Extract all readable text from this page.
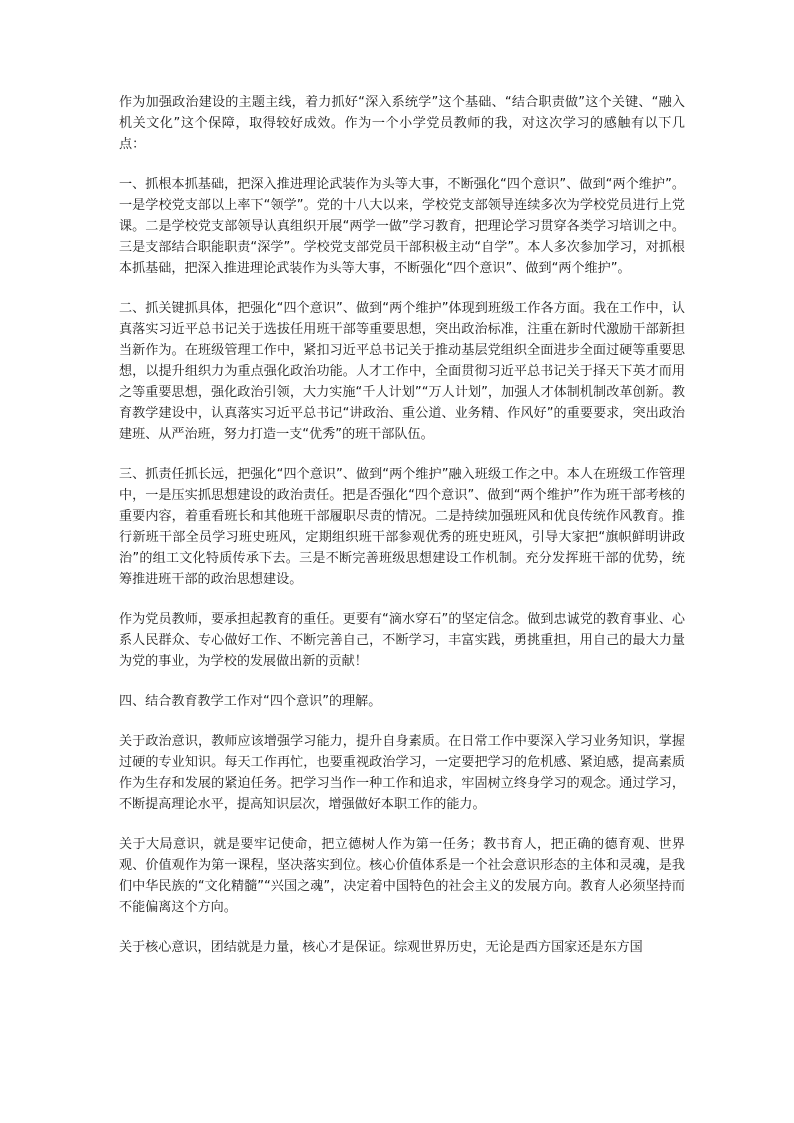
作为加强政治建设的主题主线，着力抓好“深入系统学”这个基础、“结合职责做”这个关键、“融入机关文化”这个保障，取得较好成效。作为一个小学党员教师的我，对这次学习的感触有以下几点：

一、抓根本抓基础，把深入推进理论武装作为头等大事，不断强化“四个意识”、做到“两个维护”。一是学校党支部以上率下“领学”。党的十八大以来，学校党支部领导连续多次为学校党员进行上党课。二是学校党支部领导认真组织开展“两学一做”学习教育，把理论学习贯穿各类学习培训之中。三是支部结合职能职责“深学”。学校党支部党员干部积极主动“自学”。本人多次参加学习，对抓根本抓基础，把深入推进理论武装作为头等大事，不断强化“四个意识”、做到“两个维护”。

二、抓关键抓具体，把强化“四个意识”、做到“两个维护”体现到班级工作各方面。我在工作中，认真落实习近平总书记关于选拔任用班干部等重要思想，突出政治标准，注重在新时代激励干部新担当新作为。在班级管理工作中，紧扣习近平总书记关于推动基层党组织全面进步全面过硬等重要思想，以提升组织力为重点强化政治功能。人才工作中，全面贯彻习近平总书记关于择天下英才而用之等重要思想，强化政治引领，大力实施“千人计划”“万人计划”，加强人才体制机制改革创新。教育教学建设中，认真落实习近平总书记“讲政治、重公道、业务精、作风好”的重要要求，突出政治建班、从严治班，努力打造一支“优秀”的班干部队伍。

三、抓责任抓长远，把强化“四个意识”、做到“两个维护”融入班级工作之中。本人在班级工作管理中，一是压实抓思想建设的政治责任。把是否强化“四个意识”、做到“两个维护”作为班干部考核的重要内容，着重看班长和其他班干部履职尽责的情况。二是持续加强班风和优良传统作风教育。推行新班干部全员学习班史班风，定期组织班干部参观优秀的班史班风，引导大家把“旗帜鲜明讲政治”的组工文化特质传承下去。三是不断完善班级思想建设工作机制。充分发挥班干部的优势，统筹推进班干部的政治思想建设。

作为党员教师，要承担起教育的重任。更要有“滴水穿石”的坚定信念。做到忠诚党的教育事业、心系人民群众、专心做好工作、不断完善自己，不断学习，丰富实践，勇挑重担，用自己的最大力量为党的事业，为学校的发展做出新的贡献！

四、结合教育教学工作对“四个意识”的理解。

关于政治意识，教师应该增强学习能力，提升自身素质。在日常工作中要深入学习业务知识，掌握过硬的专业知识。每天工作再忙，也要重视政治学习，一定要把学习的危机感、紧迫感，提高素质作为生存和发展的紧迫任务。把学习当作一种工作和追求，牢固树立终身学习的观念。通过学习，不断提高理论水平，提高知识层次，增强做好本职工作的能力。

关于大局意识，就是要牢记使命，把立德树人作为第一任务；教书育人，把正确的德育观、世界观、价值观作为第一课程，坚决落实到位。核心价值体系是一个社会意识形态的主体和灵魂，是我们中华民族的“文化精髓”“兴国之魂”，决定着中国特色的社会主义的发展方向。教育人必须坚持而不能偏离这个方向。

关于核心意识，团结就是力量，核心才是保证。综观世界历史，无论是西方国家还是东方国
